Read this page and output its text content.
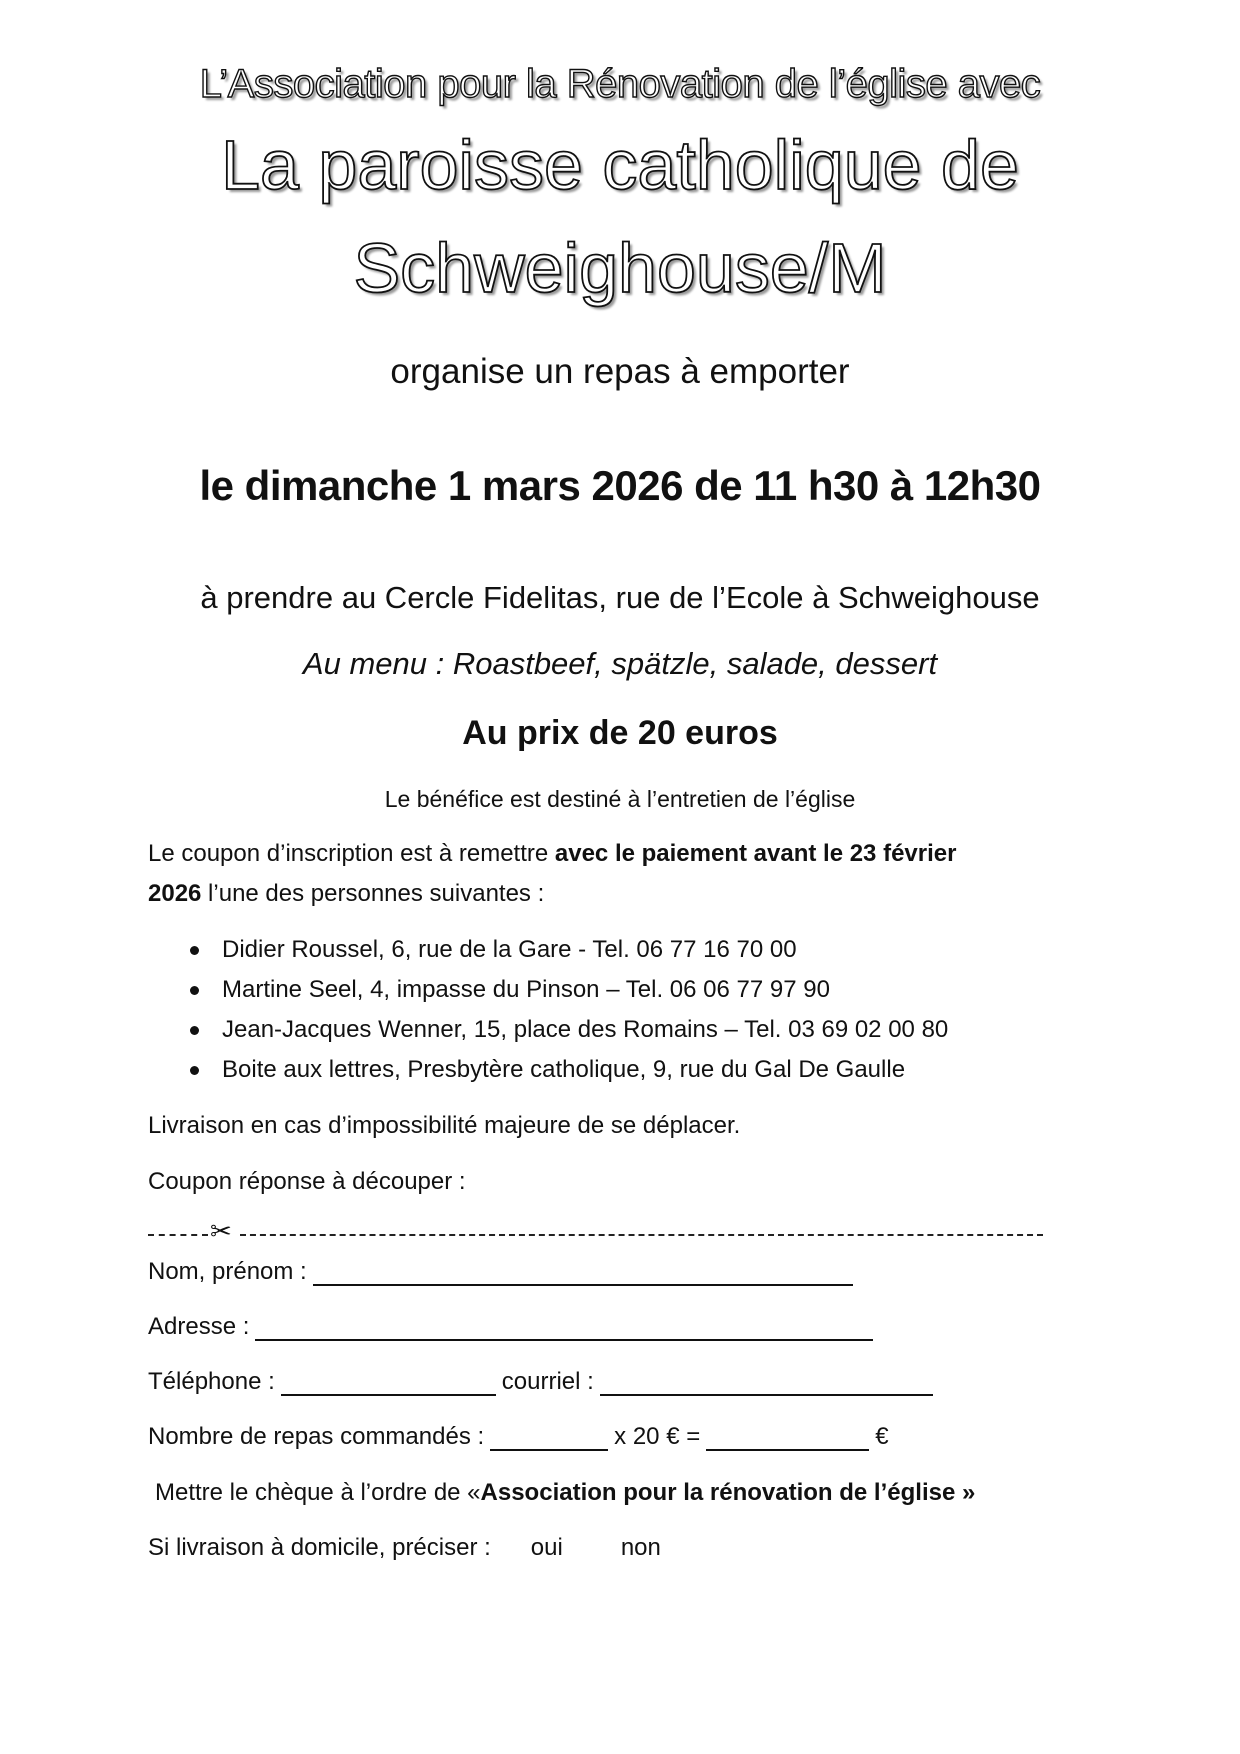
L’Association pour la Rénovation de l’église avec
La paroisse catholique de
Schweighouse/M
organise un repas à emporter
le dimanche 1 mars 2026 de 11 h30 à 12h30
à prendre au Cercle Fidelitas, rue de l’Ecole à Schweighouse
Au menu : Roastbeef, spätzle, salade, dessert
Au prix de 20 euros
Le bénéfice est destiné à l’entretien de l’église
Le coupon d’inscription est à remettre avec le paiement avant le 23 février
2026 l’une des personnes suivantes :
Didier Roussel, 6, rue de la Gare - Tel. 06 77 16 70 00
Martine Seel, 4, impasse du Pinson – Tel. 06 06 77 97 90
Jean-Jacques Wenner, 15, place des Romains – Tel. 03 69 02 00 80
Boite aux lettres, Presbytère catholique, 9, rue du Gal De Gaulle
Livraison en cas d’impossibilité majeure de se déplacer.
Coupon réponse à découper :
✂
Nom, prénom :
Adresse :
Téléphone :	courriel :
Nombre de repas commandés :	x 20 € =	€
Mettre le chèque à l’ordre de « Association pour la rénovation de l’église »
Si livraison à domicile, préciser : oui non
